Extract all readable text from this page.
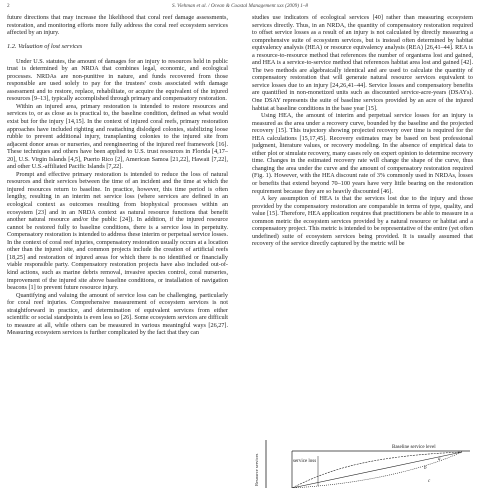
2	S. Viehman et al. / Ocean & Coastal Management xxx (2009) 1–8

future directions that may increase the likelihood that coral reef damage assessments, restoration, and monitoring efforts more fully address the coral reef ecosystem services affected by an injury.

1.2. Valuation of lost services

Under U.S. statutes, the amount of damages for an injury to resources held in public trust is determined by an NRDA that combines legal, economic, and ecological processes. NRDAs are non-punitive in nature, and funds recovered from those responsible are used solely to pay for the trustees' costs associated with damage assessment and to restore, replace, rehabilitate, or acquire the equivalent of the injured resources [9–13], typically accomplished through primary and compensatory restoration.

Within an injured area, primary restoration is intended to restore resources and services to, or as close as is practical to, the baseline condition, defined as what would exist but for the injury [14,15]. In the context of injured coral reefs, primary restoration approaches have included righting and reattaching dislodged colonies, stabilizing loose rubble to prevent additional injury, transplanting colonies to the injured site from adjacent donor areas or nurseries, and reengineering of the injured reef framework [16]. These techniques and others have been applied to U.S. trust resources in Florida [4,17–20], U.S. Virgin Islands [4,5], Puerto Rico [2], American Samoa [21,22], Hawaii [7,22], and other U.S.-affiliated Pacific Islands [7,22].

Prompt and effective primary restoration is intended to reduce the loss of natural resources and their services between the time of an incident and the time at which the injured resources return to baseline. In practice, however, this time period is often lengthy, resulting in an interim net service loss (where services are defined in an ecological context as outcomes resulting from biophysical processes within an ecosystem [23] and in an NRDA context as natural resource functions that benefit another natural resource and/or the public [24]). In addition, if the injured resource cannot be restored fully to baseline conditions, there is a service loss in perpetuity. Compensatory restoration is intended to address these interim or perpetual service losses. In the context of coral reef injuries, compensatory restoration usually occurs at a location other than the injured site, and common projects include the creation of artificial reefs [18,25] and restoration of injured areas for which there is no identified or financially viable responsible party. Compensatory restoration projects have also included out-of-kind actions, such as marine debris removal, invasive species control, coral nurseries, improvement of the injured site above baseline conditions, or installation of navigation beacons [1] to prevent future resource injury.

Quantifying and valuing the amount of service loss can be challenging, particularly for coral reef injuries. Comprehensive measurement of ecosystem services is not straightforward in practice, and determination of equivalent services from either scientific or social standpoints is even less so [26]. Some ecosystem services are difficult to measure at all, while others can be measured in various meaningful ways [26,27]. Measuring ecosystem services is further complicated by the fact that they can

studies use indicators of ecological services [40] rather than measuring ecosystem services directly. Thus, in an NRDA, the quantity of compensatory restoration required to offset service losses as a result of an injury is not calculated by directly measuring a comprehensive suite of ecosystem services, but is instead often determined by habitat equivalency analysis (HEA) or resource equivalency analysis (REA) [26,41–44]. REA is a resource-to-resource method that references the number of organisms lost and gained, and HEA is a service-to-service method that references habitat area lost and gained [42]. The two methods are algebraically identical and are used to calculate the quantity of compensatory restoration that will generate natural resource services equivalent to service losses due to an injury [24,26,41–44]. Service losses and compensatory benefits are quantified in non-monetized units such as discounted service-acre-years (DSAYs). One DSAY represents the suite of baseline services provided by an acre of the injured habitat at baseline conditions in the base year [15].

Using HEA, the amount of interim and perpetual service losses for an injury is measured as the area under a recovery curve, bounded by the baseline and the projected recovery [15]. This trajectory showing projected recovery over time is required for the HEA calculations [15,17,45]. Recovery estimates may be based on best professional judgment, literature values, or recovery modeling. In the absence of empirical data to either plot or simulate recovery, many cases rely on expert opinion to determine recovery time. Changes in the estimated recovery rate will change the shape of the curve, thus changing the area under the curve and the amount of compensatory restoration required (Fig. 1). However, with the HEA discount rate of 3% commonly used in NRDAs, losses or benefits that extend beyond 70–100 years have very little bearing on the restoration requirement because they are so heavily discounted [46].

A key assumption of HEA is that the services lost due to the injury and those provided by the compensatory restoration are comparable in terms of type, quality, and value [15]. Therefore, HEA application requires that practitioners be able to measure in a common metric the ecosystem services provided by a natural resource or habitat and a compensatory project. This metric is intended to be representative of the entire (yet often undefined) suite of ecosystem services being provided. It is usually assumed that recovery of the service directly captured by the metric will be

Resource services
Baseline service level
service loss	a
b
c
